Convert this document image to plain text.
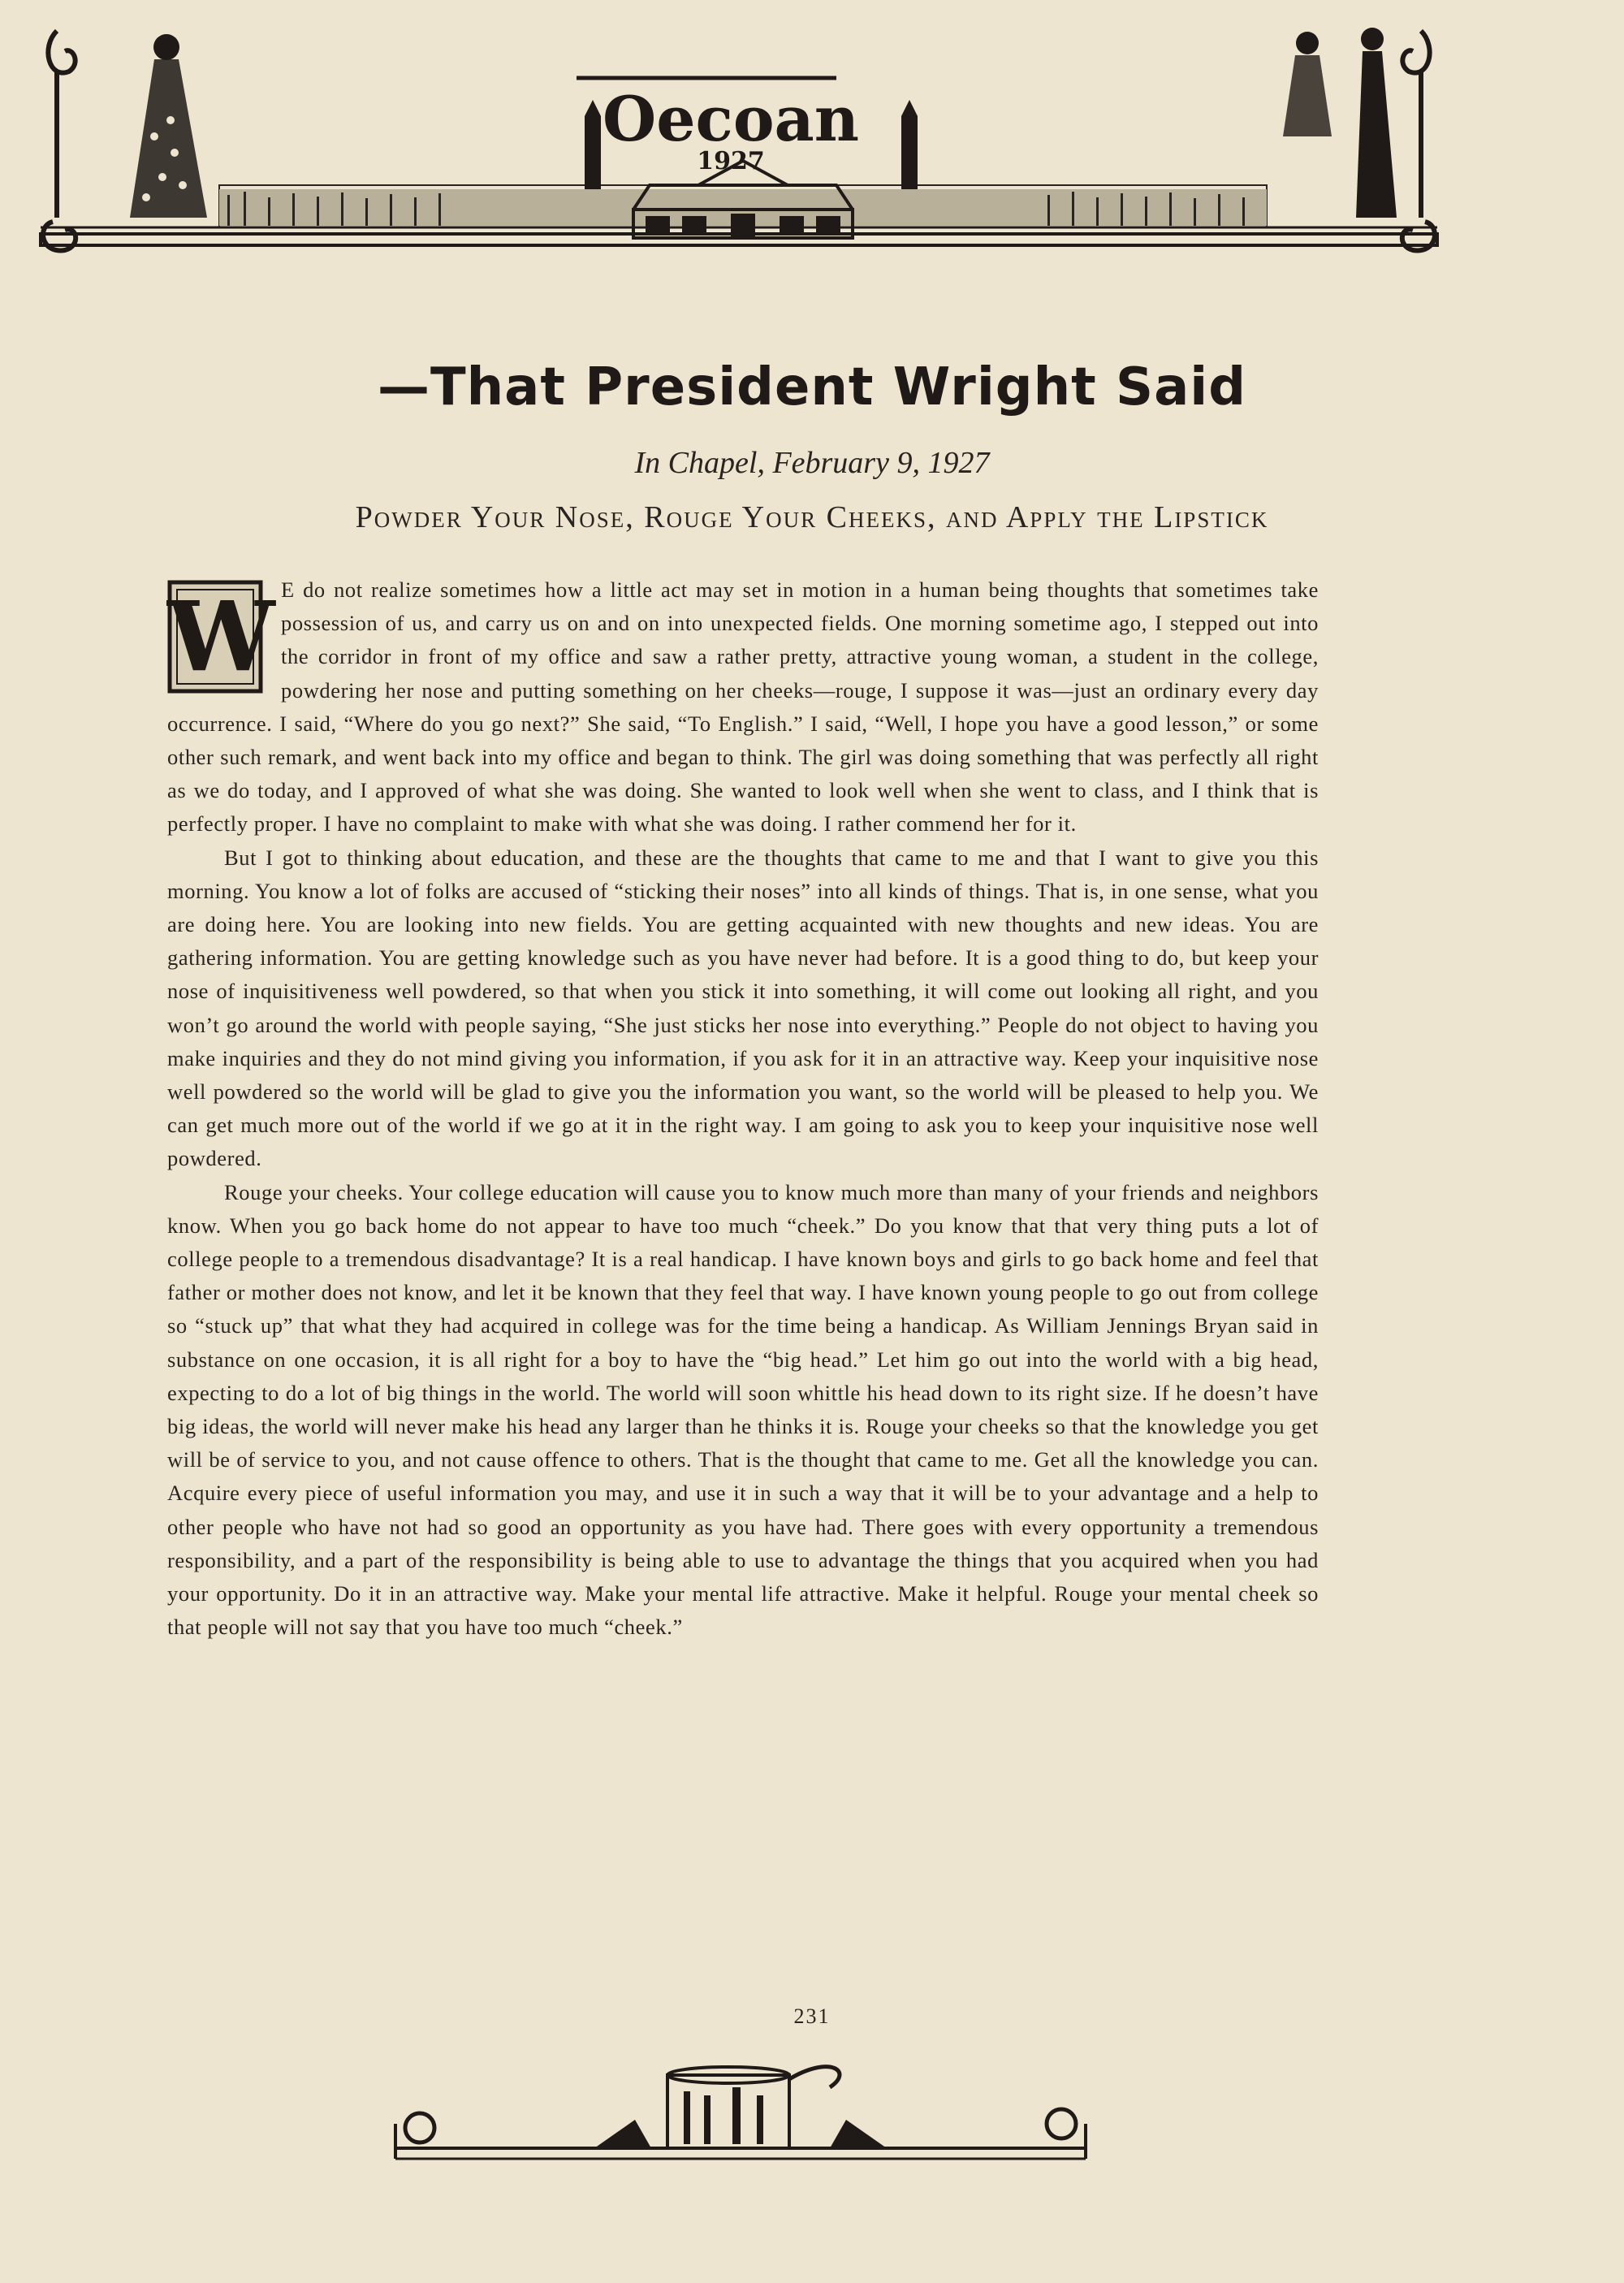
Oecoan
1927
—That President Wright Said
In Chapel, February 9, 1927
Powder Your Nose, Rouge Your Cheeks, and Apply the Lipstick

W E do not realize sometimes how a little act may set in motion in a human being thoughts that sometimes take possession of us, and carry us on and on into unexpected fields. One morning sometime ago, I stepped out into the corridor in front of my office and saw a rather pretty, attractive young woman, a student in the college, powdering her nose and putting something on her cheeks—rouge, I suppose it was—just an ordinary every day occurrence. I said, “Where do you go next?” She said, “To English.” I said, “Well, I hope you have a good lesson,” or some other such remark, and went back into my office and began to think. The girl was doing something that was perfectly all right as we do today, and I approved of what she was doing. She wanted to look well when she went to class, and I think that is perfectly proper. I have no complaint to make with what she was doing. I rather commend her for it.

But I got to thinking about education, and these are the thoughts that came to me and that I want to give you this morning. You know a lot of folks are accused of “sticking their noses” into all kinds of things. That is, in one sense, what you are doing here. You are looking into new fields. You are getting acquainted with new thoughts and new ideas. You are gathering information. You are getting knowledge such as you have never had before. It is a good thing to do, but keep your nose of inquisitiveness well powdered, so that when you stick it into something, it will come out looking all right, and you won’t go around the world with people saying, “She just sticks her nose into everything.” People do not object to having you make inquiries and they do not mind giving you information, if you ask for it in an attractive way. Keep your inquisitive nose well powdered so the world will be glad to give you the information you want, so the world will be pleased to help you. We can get much more out of the world if we go at it in the right way. I am going to ask you to keep your inquisitive nose well powdered.

Rouge your cheeks. Your college education will cause you to know much more than many of your friends and neighbors know. When you go back home do not appear to have too much “cheek.” Do you know that that very thing puts a lot of college people to a tremendous disadvantage? It is a real handicap. I have known boys and girls to go back home and feel that father or mother does not know, and let it be known that they feel that way. I have known young people to go out from college so “stuck up” that what they had acquired in college was for the time being a handicap. As William Jennings Bryan said in substance on one occasion, it is all right for a boy to have the “big head.” Let him go out into the world with a big head, expecting to do a lot of big things in the world. The world will soon whittle his head down to its right size. If he doesn’t have big ideas, the world will never make his head any larger than he thinks it is. Rouge your cheeks so that the knowledge you get will be of service to you, and not cause offence to others. That is the thought that came to me. Get all the knowledge you can. Acquire every piece of useful information you may, and use it in such a way that it will be to your advantage and a help to other people who have not had so good an opportunity as you have had. There goes with every opportunity a tremendous responsibility, and a part of the responsibility is being able to use to advantage the things that you acquired when you had your opportunity. Do it in an attractive way. Make your mental life attractive. Make it helpful. Rouge your mental cheek so that people will not say that you have too much “cheek.”

231
